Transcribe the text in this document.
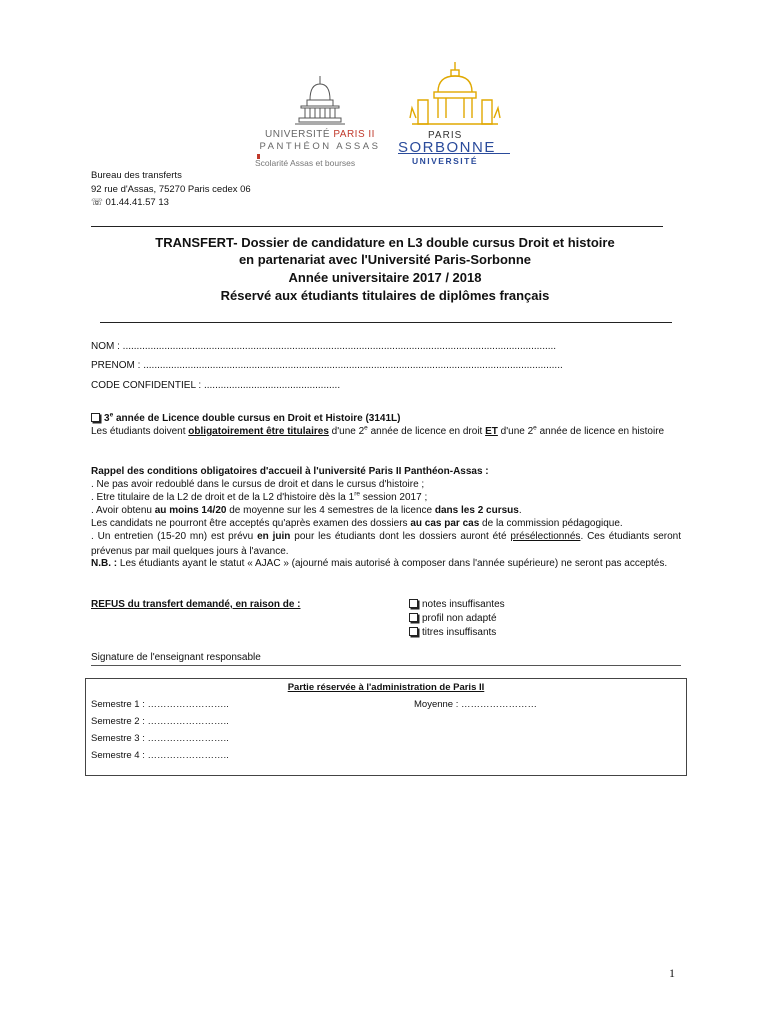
UNIVERSITÉ PARIS II
PANTHÉON ASSAS
Scolarité Assas et bourses
PARIS
SORBONNE
UNIVERSITÉ
Bureau des transferts
92 rue d'Assas, 75270 Paris cedex 06
☏ 01.44.41.57 13
TRANSFERT- Dossier de candidature en L3 double cursus Droit et histoire
en partenariat avec l'Université Paris-Sorbonne
Année universitaire 2017 / 2018
Réservé aux étudiants titulaires de diplômes français
NOM : ............................................................................................................................................................
PRENOM : .......................................................................................................................................................
CODE CONFIDENTIEL : .................................................
3e année de Licence double cursus en Droit et Histoire (3141L)
Les étudiants doivent obligatoirement être titulaires d'une 2e année de licence en droit ET d'une 2e année de licence en histoire
Rappel des conditions obligatoires d'accueil à l'université Paris II Panthéon-Assas :
. Ne pas avoir redoublé dans le cursus de droit et dans le cursus d'histoire ;
. Etre titulaire de la L2 de droit et de la L2 d'histoire dès la 1re session 2017 ;
. Avoir obtenu au moins 14/20 de moyenne sur les 4 semestres de la licence dans les 2 cursus.
Les candidats ne pourront être acceptés qu'après examen des dossiers au cas par cas de la commission pédagogique.
. Un entretien (15-20 mn) est prévu en juin pour les étudiants dont les dossiers auront été présélectionnés. Ces étudiants seront prévenus par mail quelques jours à l'avance.
N.B. : Les étudiants ayant le statut « AJAC » (ajourné mais autorisé à composer dans l'année supérieure) ne seront pas acceptés.
REFUS du transfert demandé, en raison de :	notes insuffisantes
profil non adapté
titres insuffisants
Signature de l'enseignant responsable
Partie réservée à l'administration de Paris II
Semestre 1 : ……………………..	Moyenne : ……………………
Semestre 2 : ……………………..
Semestre 3 : ……………………..
Semestre 4 : ……………………..
1
